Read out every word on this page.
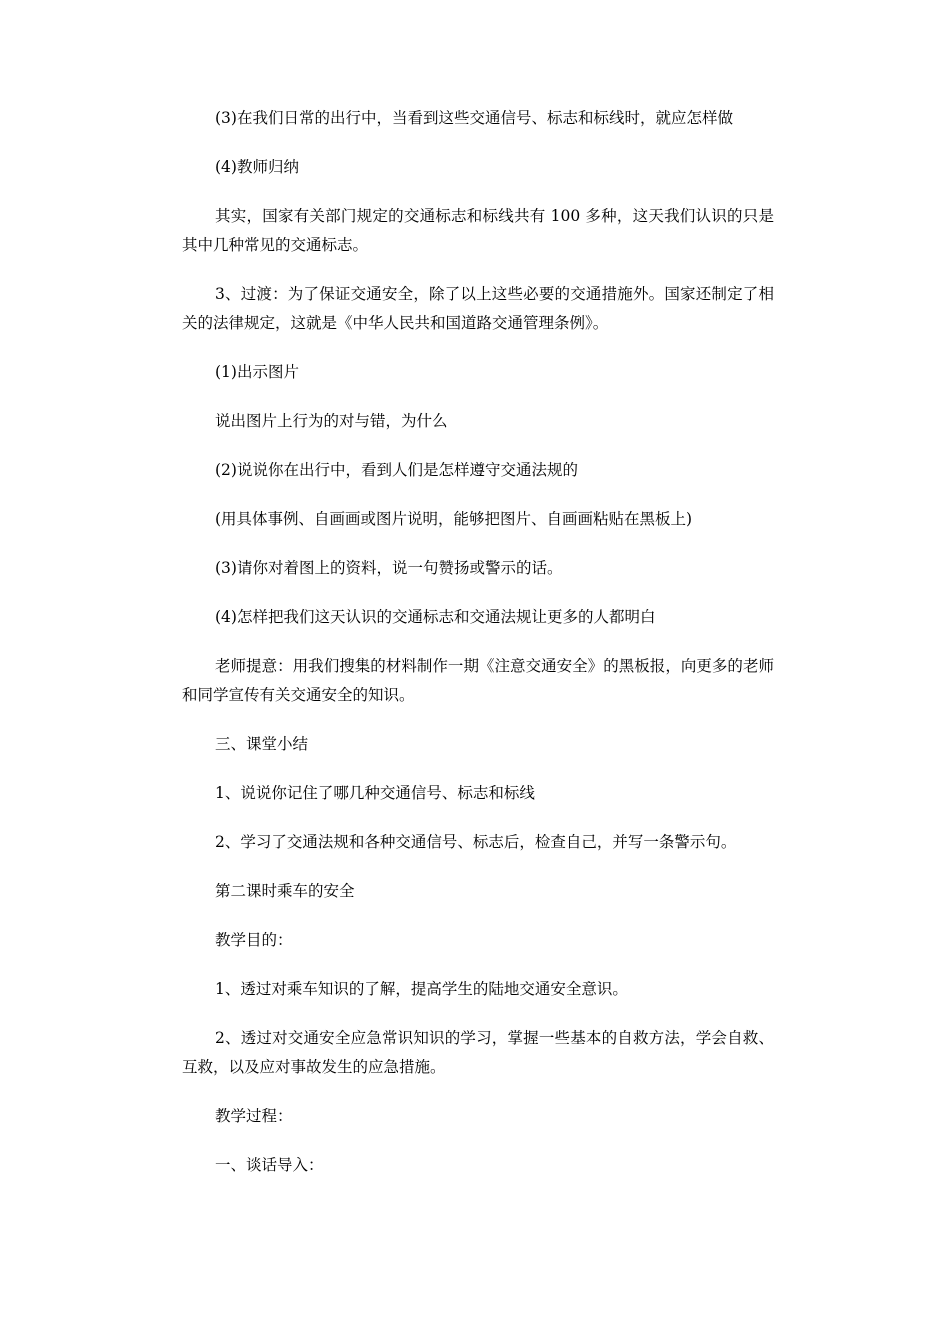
(3)在我们日常的出行中，当看到这些交通信号、标志和标线时，就应怎样做

(4)教师归纳

其实，国家有关部门规定的交通标志和标线共有 100 多种，这天我们认识的只是其中几种常见的交通标志。

3、过渡：为了保证交通安全，除了以上这些必要的交通措施外。国家还制定了相关的法律规定，这就是《中华人民共和国道路交通管理条例》。

(1)出示图片

说出图片上行为的对与错，为什么

(2)说说你在出行中，看到人们是怎样遵守交通法规的

(用具体事例、自画画或图片说明，能够把图片、自画画粘贴在黑板上)

(3)请你对着图上的资料，说一句赞扬或警示的话。

(4)怎样把我们这天认识的交通标志和交通法规让更多的人都明白

老师提意：用我们搜集的材料制作一期《注意交通安全》的黑板报，向更多的老师和同学宣传有关交通安全的知识。

三、课堂小结

1、说说你记住了哪几种交通信号、标志和标线

2、学习了交通法规和各种交通信号、标志后，检查自己，并写一条警示句。

第二课时乘车的安全

教学目的：

1、透过对乘车知识的了解，提高学生的陆地交通安全意识。

2、透过对交通安全应急常识知识的学习，掌握一些基本的自救方法，学会自救、互救，以及应对事故发生的应急措施。

教学过程：

一、谈话导入：
